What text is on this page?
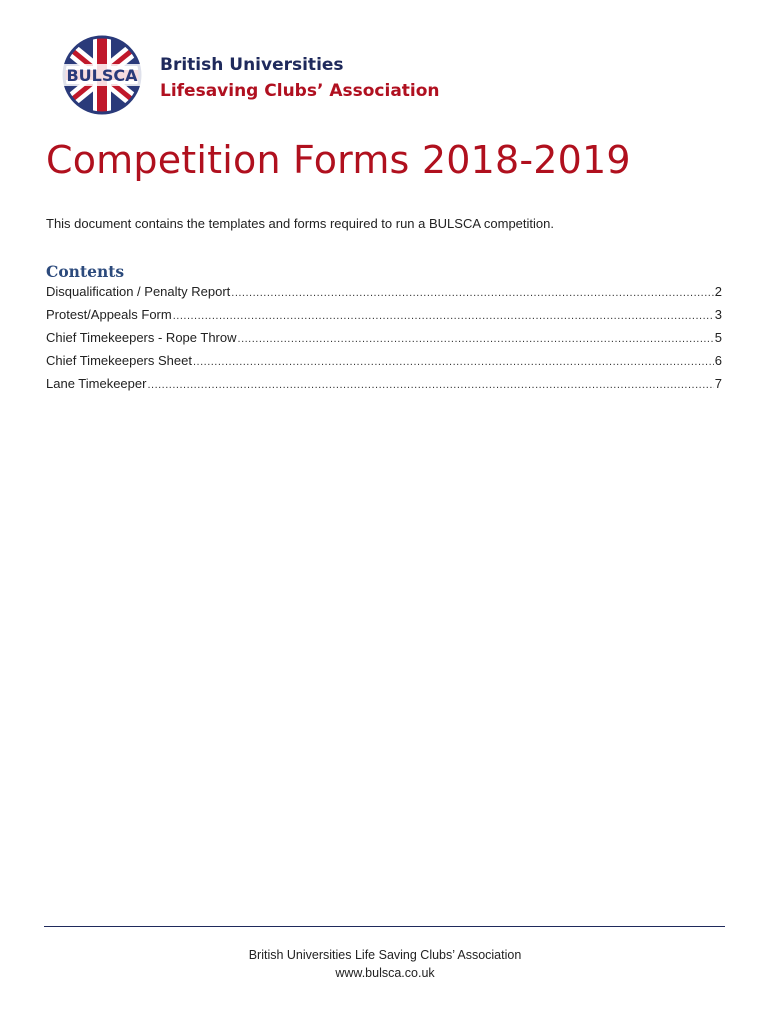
BULSCA
British Universities
Lifesaving Clubs’ Association
Competition Forms 2018-2019
This document contains the templates and forms required to run a BULSCA competition.
Contents
Disqualification / Penalty Report .....	2
Protest/Appeals Form .....	3
Chief Timekeepers - Rope Throw .....	5
Chief Timekeepers Sheet .....	6
Lane Timekeeper .....	7
British Universities Life Saving Clubs’ Association
www.bulsca.co.uk
